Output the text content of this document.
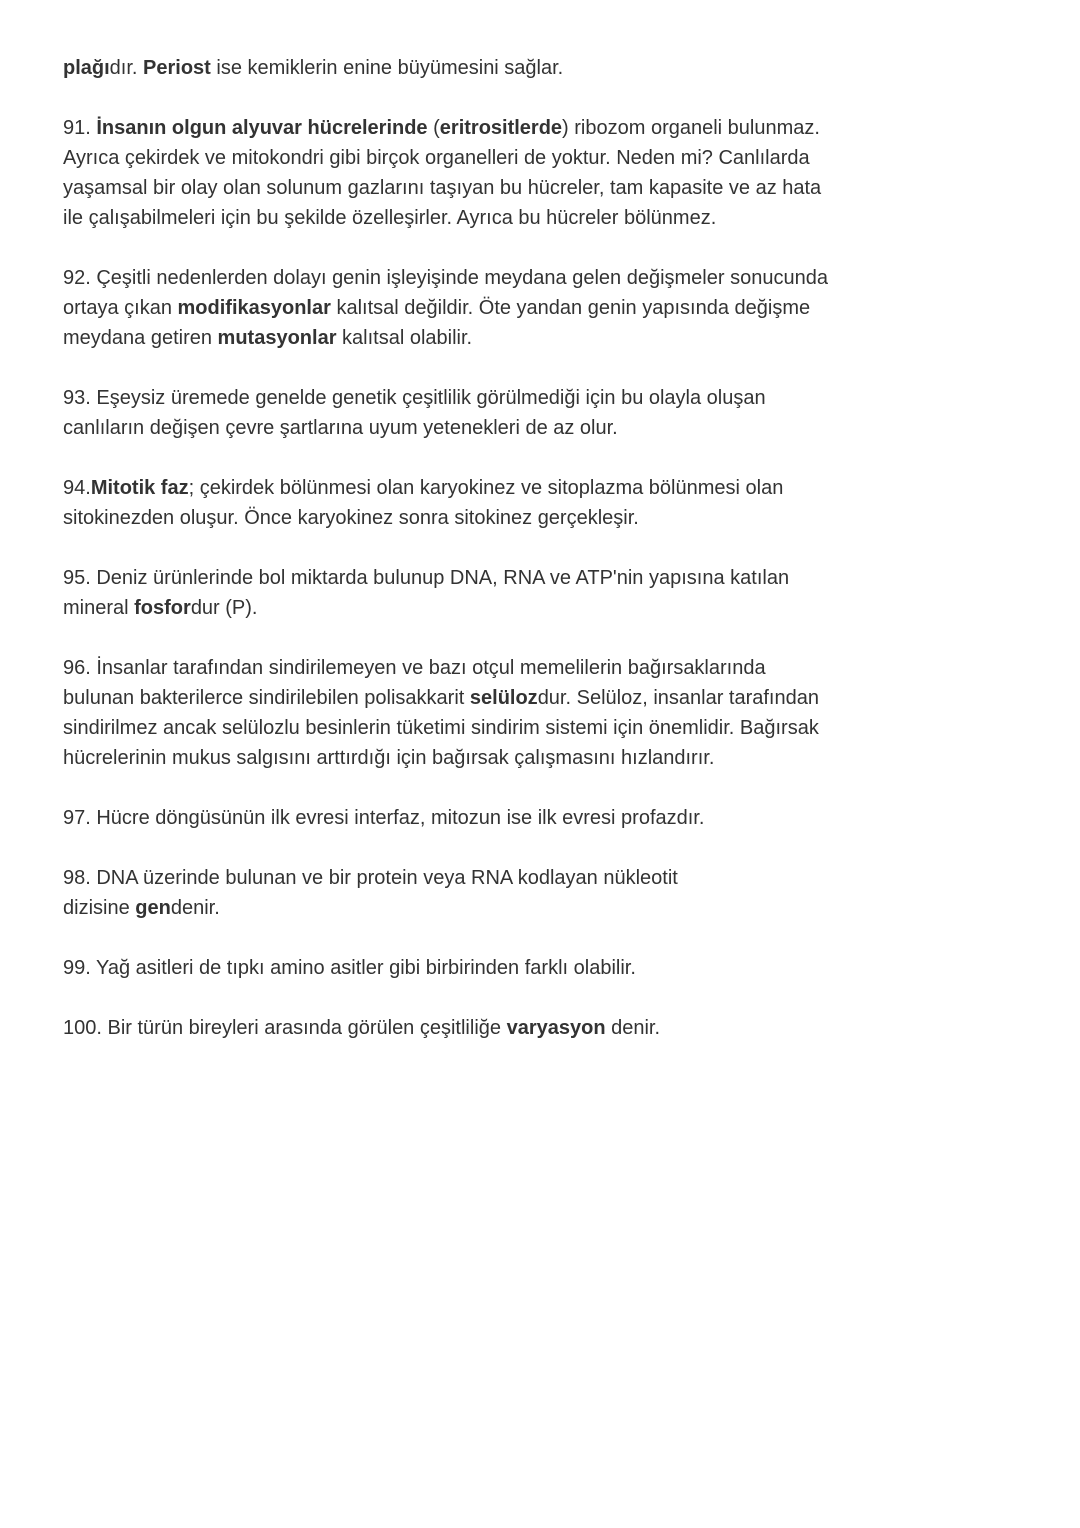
plağıdır. Periost ise kemiklerin enine büyümesini sağlar.

91. İnsanın olgun alyuvar hücrelerinde (eritrositlerde) ribozom organeli bulunmaz.
Ayrıca çekirdek ve mitokondri gibi birçok organelleri de yoktur. Neden mi? Canlılarda
yaşamsal bir olay olan solunum gazlarını taşıyan bu hücreler, tam kapasite ve az hata
ile çalışabilmeleri için bu şekilde özelleşirler. Ayrıca bu hücreler bölünmez.

92. Çeşitli nedenlerden dolayı genin işleyişinde meydana gelen değişmeler sonucunda
ortaya çıkan modifikasyonlar kalıtsal değildir. Öte yandan genin yapısında değişme
meydana getiren mutasyonlar kalıtsal olabilir.

93. Eşeysiz üremede genelde genetik çeşitlilik görülmediği için bu olayla oluşan
canlıların değişen çevre şartlarına uyum yetenekleri de az olur.

94.Mitotik faz; çekirdek bölünmesi olan karyokinez ve sitoplazma bölünmesi olan
sitokinezden oluşur. Önce karyokinez sonra sitokinez gerçekleşir.

95. Deniz ürünlerinde bol miktarda bulunup DNA, RNA ve ATP'nin yapısına katılan
mineral fosfordur (P).

96. İnsanlar tarafından sindirilemeyen ve bazı otçul memelilerin bağırsaklarında
bulunan bakterilerce sindirilebilen polisakkarit selülozdur. Selüloz, insanlar tarafından
sindirilmez ancak selülozlu besinlerin tüketimi sindirim sistemi için önemlidir. Bağırsak
hücrelerinin mukus salgısını arttırdığı için bağırsak çalışmasını hızlandırır.

97. Hücre döngüsünün ilk evresi interfaz, mitozun ise ilk evresi profazdır.

98. DNA üzerinde bulunan ve bir protein veya RNA kodlayan nükleotit
dizisine gendenir.

99. Yağ asitleri de tıpkı amino asitler gibi birbirinden farklı olabilir.

100. Bir türün bireyleri arasında görülen çeşitliliğe varyasyon denir.
